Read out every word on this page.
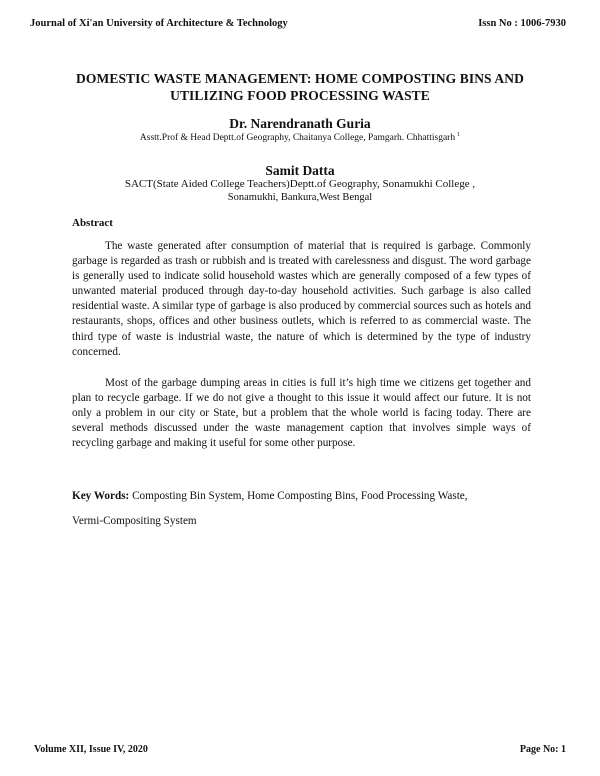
Journal of Xi'an University of Architecture & Technology	Issn No : 1006-7930
DOMESTIC WASTE MANAGEMENT: HOME COMPOSTING BINS AND
UTILIZING FOOD PROCESSING WASTE
Dr. Narendranath Guria
Asstt.Prof & Head Deptt.of Geography, Chaitanya College, Pamgarh. Chhattisgarh $^1$
Samit Datta
SACT(State Aided College Teachers)Deptt.of Geography, Sonamukhi College ,
Sonamukhi, Bankura,West Bengal
Abstract

The waste generated after consumption of material that is required is garbage. Commonly garbage is regarded as trash or rubbish and is treated with carelessness and disgust. The word garbage is generally used to indicate solid household wastes which are generally composed of a few types of unwanted material produced through day-to-day household activities. Such garbage is also called residential waste. A similar type of garbage is also produced by commercial sources such as hotels and restaurants, shops, offices and other business outlets, which is referred to as commercial waste. The third type of waste is industrial waste, the nature of which is determined by the type of industry concerned.

Most of the garbage dumping areas in cities is full it’s high time we citizens get together and plan to recycle garbage. If we do not give a thought to this issue it would affect our future. It is not only a problem in our city or State, but a problem that the whole world is facing today. There are several methods discussed under the waste management caption that involves simple ways of recycling garbage and making it useful for some other purpose.

Key Words: Composting Bin System, Home Composting Bins, Food Processing Waste,

Vermi-Compositing System

Volume XII, Issue IV, 2020	Page No: 1
